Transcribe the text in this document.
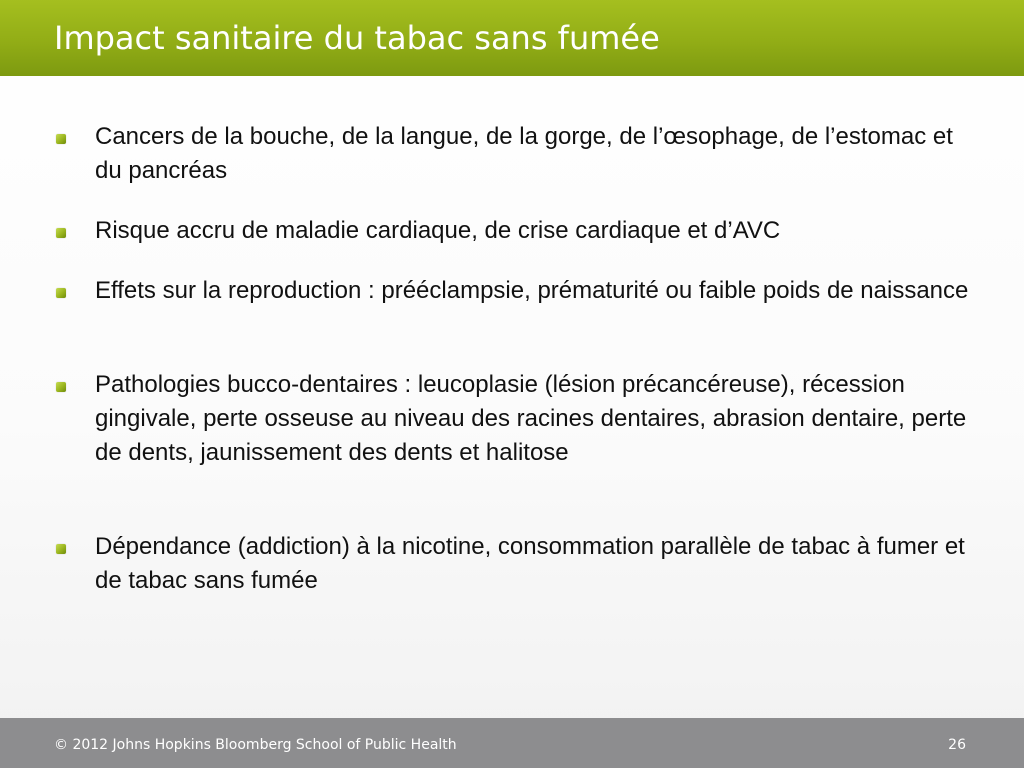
Impact sanitaire du tabac sans fumée
Cancers de la bouche, de la langue, de la gorge, de l’œsophage, de l’estomac et du pancréas
Risque accru de maladie cardiaque, de crise cardiaque et d’AVC
Effets sur la reproduction : prééclampsie, prématurité ou faible poids de naissance
Pathologies bucco-dentaires : leucoplasie (lésion précancéreuse), récession gingivale, perte osseuse au niveau des racines dentaires, abrasion dentaire, perte de dents, jaunissement des dents et halitose
Dépendance (addiction) à la nicotine, consommation parallèle de tabac à fumer et de tabac sans fumée
© 2012 Johns Hopkins Bloomberg School of Public Health	26
